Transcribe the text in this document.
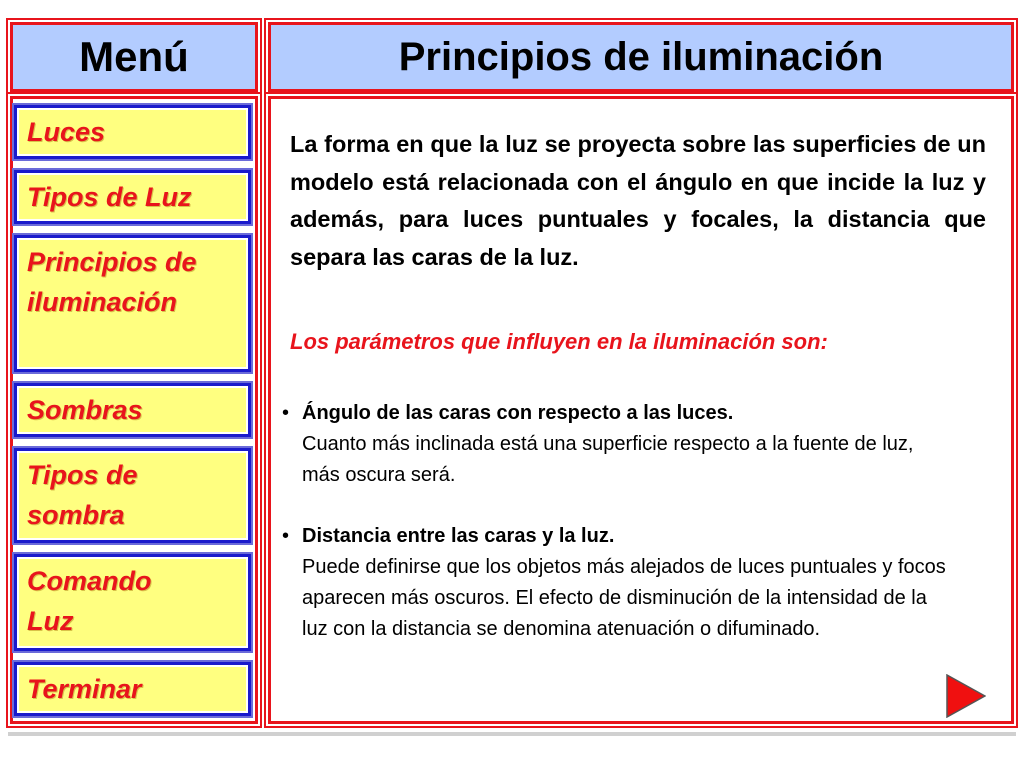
Menú	Principios de iluminación
Luces
Tipos de Luz
Principios de
iluminación
Sombras
Tipos de
sombra
Comando
Luz
Terminar
La forma en que la luz se proyecta sobre las superficies de un modelo está relacionada con el ángulo en que incide la luz y además, para luces puntuales y focales, la distancia que separa las caras de la luz.
Los parámetros que influyen en la iluminación son:
• Ángulo de las caras con respecto a las luces.
Cuanto más inclinada está una superficie respecto a la fuente de luz, más oscura será.
• Distancia entre las caras y la luz.
Puede definirse que los objetos más alejados de luces puntuales y focos aparecen más oscuros. El efecto de disminución de la intensidad de la luz con la distancia se denomina atenuación o difuminado.
